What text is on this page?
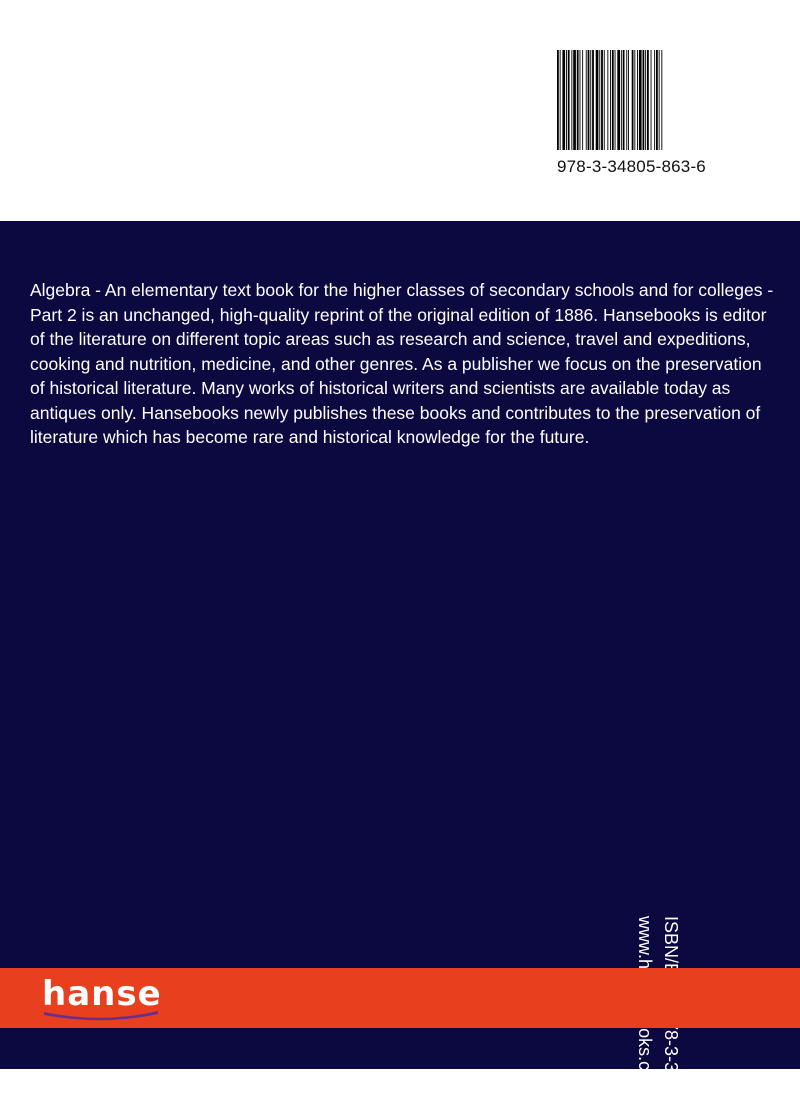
978-3-34805-863-6

Algebra - An elementary text book for the higher classes of secondary schools and for colleges - Part 2 is an unchanged, high-quality reprint of the original edition of 1886. Hansebooks is editor of the literature on different topic areas such as research and science, travel and expeditions, cooking and nutrition, medicine, and other genres. As a publisher we focus on the preservation of historical literature. Many works of historical writers and scientists are available today as antiques only. Hansebooks newly publishes these books and contributes to the preservation of literature which has become rare and historical knowledge for the future.

hanse
